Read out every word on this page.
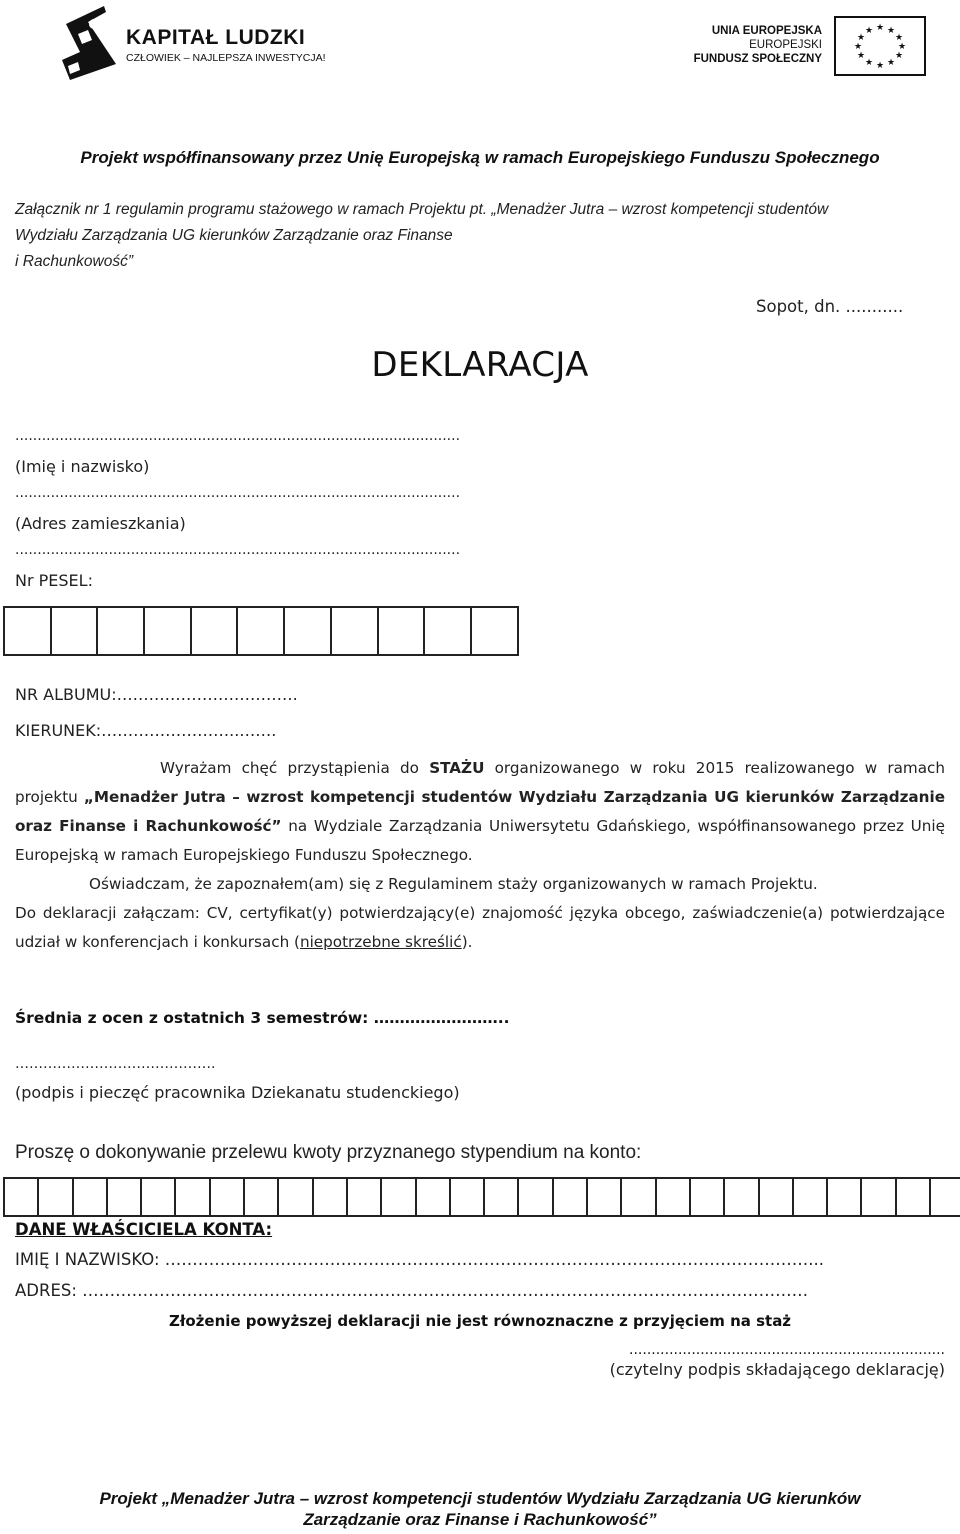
KAPITAŁ LUDZKI
CZŁOWIEK – NAJLEPSZA INWESTYCJA!
UNIA EUROPEJSKA
EUROPEJSKI
FUNDUSZ SPOŁECZNY
★ ★
★
★
★
★
★
★
★
★
★
★
Projekt współfinansowany przez Unię Europejską w ramach Europejskiego Funduszu Społecznego
Załącznik nr 1 regulamin programu stażowego w ramach Projektu pt. „Menadżer Jutra – wzrost kompetencji studentów
Wydziału Zarządzania UG kierunków Zarządzanie oraz Finanse
i Rachunkowość”
Sopot, dn. ...........
DEKLARACJA
....................................................................................................
(Imię i nazwisko)
....................................................................................................
(Adres zamieszkania)
....................................................................................................
Nr PESEL:
NR ALBUMU:…………………………….
KIERUNEK:……………………..…….

Wyrażam chęć przystąpienia do STAŻU organizowanego w roku 2015 realizowanego w ramach projektu „Menadżer Jutra – wzrost kompetencji studentów Wydziału Zarządzania UG kierunków Zarządzanie oraz Finanse i Rachunkowość” na Wydziale Zarządzania Uniwersytetu Gdańskiego, współfinansowanego przez Unię Europejską w ramach Europejskiego Funduszu Społecznego.

Oświadczam, że zapoznałem(am) się z Regulaminem staży organizowanych w ramach Projektu.

Do deklaracji załączam: CV, certyfikat(y) potwierdzający(e) znajomość języka obcego, zaświadczenie(a) potwierdzające udział w konferencjach i konkursach (niepotrzebne skreślić).

Średnia z ocen z ostatnich 3 semestrów: ……………………..
…………………………………….
(podpis i pieczęć pracownika Dziekanatu studenckiego)
Proszę o dokonywanie przelewu kwoty przyznanego stypendium na konto:
DANE WŁAŚCICIELA KONTA:
IMIĘ I NAZWISKO: ………………………………………………………………………………………………………...
ADRES: ……………………………………………………………………………………………………………………
Złożenie powyższej deklaracji nie jest równoznaczne z przyjęciem na staż
.......................................................................
(czytelny podpis składającego deklarację)
Projekt „Menadżer Jutra – wzrost kompetencji studentów Wydziału Zarządzania UG kierunków
Zarządzanie oraz Finanse i Rachunkowość”
